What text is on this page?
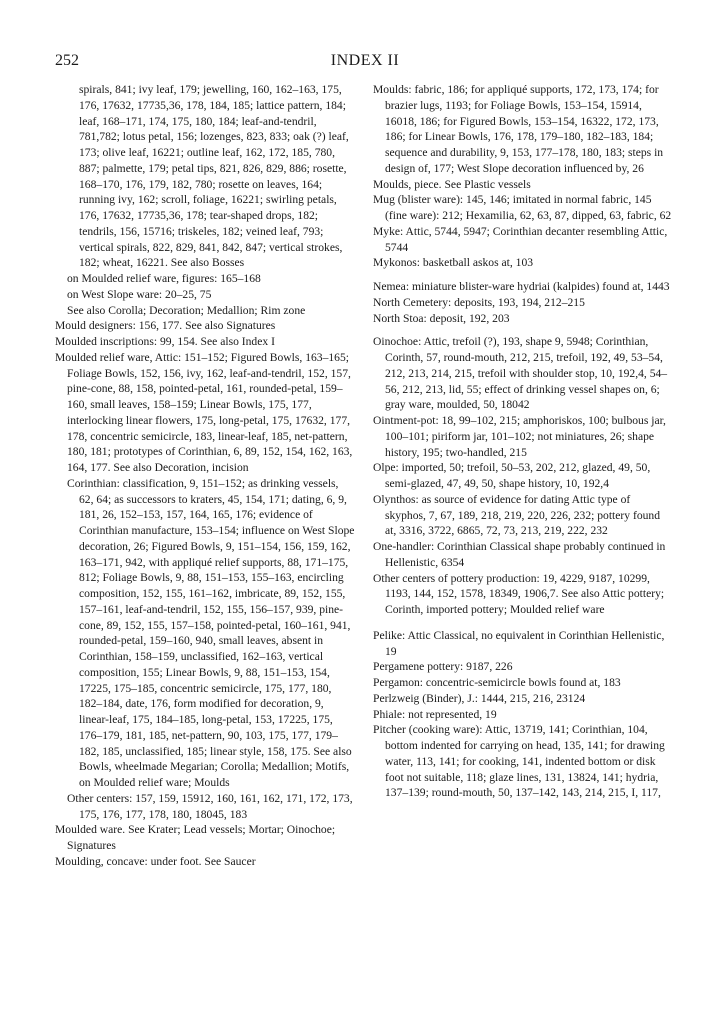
252	INDEX II
spirals, 841; ivy leaf, 179; jewelling, 160, 162–163, 175, 176, 17632, 17735,36, 178, 184, 185; lattice pattern, 184; leaf, 168–171, 174, 175, 180, 184; leaf-and-tendril, 781,782; lotus petal, 156; lozenges, 823, 833; oak (?) leaf, 173; olive leaf, 16221; outline leaf, 162, 172, 185, 780, 887; palmette, 179; petal tips, 821, 826, 829, 886; rosette, 168–170, 176, 179, 182, 780; rosette on leaves, 164; running ivy, 162; scroll, foliage, 16221; swirling petals, 176, 17632, 17735,36, 178; tear-shaped drops, 182; tendrils, 156, 15716; triskeles, 182; veined leaf, 793; vertical spirals, 822, 829, 841, 842, 847; vertical strokes, 182; wheat, 16221. See also Bosses
on Moulded relief ware, figures: 165–168
on West Slope ware: 20–25, 75
See also Corolla; Decoration; Medallion; Rim zone
Mould designers: 156, 177. See also Signatures
Moulded inscriptions: 99, 154. See also Index I
Moulded relief ware, Attic: 151–152; Figured Bowls, 163–165; Foliage Bowls, 152, 156, ivy, 162, leaf-and-tendril, 152, 157, pine-cone, 88, 158, pointed-petal, 161, rounded-petal, 159–160, small leaves, 158–159; Linear Bowls, 175, 177, interlocking linear flowers, 175, long-petal, 175, 17632, 177, 178, concentric semicircle, 183, linear-leaf, 185, net-pattern, 180, 181; prototypes of Corinthian, 6, 89, 152, 154, 162, 163, 164, 177. See also Decoration, incision
Corinthian: classification, 9, 151–152; as drinking vessels, 62, 64; as successors to kraters, 45, 154, 171; dating, 6, 9, 181, 26, 152–153, 157, 164, 165, 176; evidence of Corinthian manufacture, 153–154; influence on West Slope decoration, 26; Figured Bowls, 9, 151–154, 156, 159, 162, 163–171, 942, with appliqué relief supports, 88, 171–175, 812; Foliage Bowls, 9, 88, 151–153, 155–163, encircling composition, 152, 155, 161–162, imbricate, 89, 152, 155, 157–161, leaf-and-tendril, 152, 155, 156–157, 939, pine-cone, 89, 152, 155, 157–158, pointed-petal, 160–161, 941, rounded-petal, 159–160, 940, small leaves, absent in Corinthian, 158–159, unclassified, 162–163, vertical composition, 155; Linear Bowls, 9, 88, 151–153, 154, 17225, 175–185, concentric semicircle, 175, 177, 180, 182–184, date, 176, form modified for decoration, 9, linear-leaf, 175, 184–185, long-petal, 153, 17225, 175, 176–179, 181, 185, net-pattern, 90, 103, 175, 177, 179–182, 185, unclassified, 185; linear style, 158, 175. See also Bowls, wheelmade Megarian; Corolla; Medallion; Motifs, on Moulded relief ware; Moulds
Other centers: 157, 159, 15912, 160, 161, 162, 171, 172, 173, 175, 176, 177, 178, 180, 18045, 183
Moulded ware. See Krater; Lead vessels; Mortar; Oinochoe; Signatures
Moulding, concave: under foot. See Saucer
Moulds: fabric, 186; for appliqué supports, 172, 173, 174; for brazier lugs, 1193; for Foliage Bowls, 153–154, 15914, 16018, 186; for Figured Bowls, 153–154, 16322, 172, 173, 186; for Linear Bowls, 176, 178, 179–180, 182–183, 184; sequence and durability, 9, 153, 177–178, 180, 183; steps in design of, 177; West Slope decoration influenced by, 26
Moulds, piece. See Plastic vessels
Mug (blister ware): 145, 146; imitated in normal fabric, 145
(fine ware): 212; Hexamilia, 62, 63, 87, dipped, 63, fabric, 62
Myke: Attic, 5744, 5947; Corinthian decanter resembling Attic, 5744
Mykonos: basketball askos at, 103
Nemea: miniature blister-ware hydriai (kalpides) found at, 1443
North Cemetery: deposits, 193, 194, 212–215
North Stoa: deposit, 192, 203
Oinochoe: Attic, trefoil (?), 193, shape 9, 5948; Corinthian, Corinth, 57, round-mouth, 212, 215, trefoil, 192, 49, 53–54, 212, 213, 214, 215, trefoil with shoulder stop, 10, 192,4, 54–56, 212, 213, lid, 55; effect of drinking vessel shapes on, 6; gray ware, moulded, 50, 18042
Ointment-pot: 18, 99–102, 215; amphoriskos, 100; bulbous jar, 100–101; piriform jar, 101–102; not miniatures, 26; shape history, 195; two-handled, 215
Olpe: imported, 50; trefoil, 50–53, 202, 212, glazed, 49, 50, semi-glazed, 47, 49, 50, shape history, 10, 192,4
Olynthos: as source of evidence for dating Attic type of skyphos, 7, 67, 189, 218, 219, 220, 226, 232; pottery found at, 3316, 3722, 6865, 72, 73, 213, 219, 222, 232
One-handler: Corinthian Classical shape probably continued in Hellenistic, 6354
Other centers of pottery production: 19, 4229, 9187, 10299, 1193, 144, 152, 1578, 18349, 1906,7. See also Attic pottery; Corinth, imported pottery; Moulded relief ware
Pelike: Attic Classical, no equivalent in Corinthian Hellenistic, 19
Pergamene pottery: 9187, 226
Pergamon: concentric-semicircle bowls found at, 183
Perlzweig (Binder), J.: 1444, 215, 216, 23124
Phiale: not represented, 19
Pitcher (cooking ware): Attic, 13719, 141; Corinthian, 104, bottom indented for carrying on head, 135, 141; for drawing water, 113, 141; for cooking, 141, indented bottom or disk foot not suitable, 118; glaze lines, 131, 13824, 141; hydria, 137–139; round-mouth, 50, 137–142, 143, 214, 215, I, 117,
